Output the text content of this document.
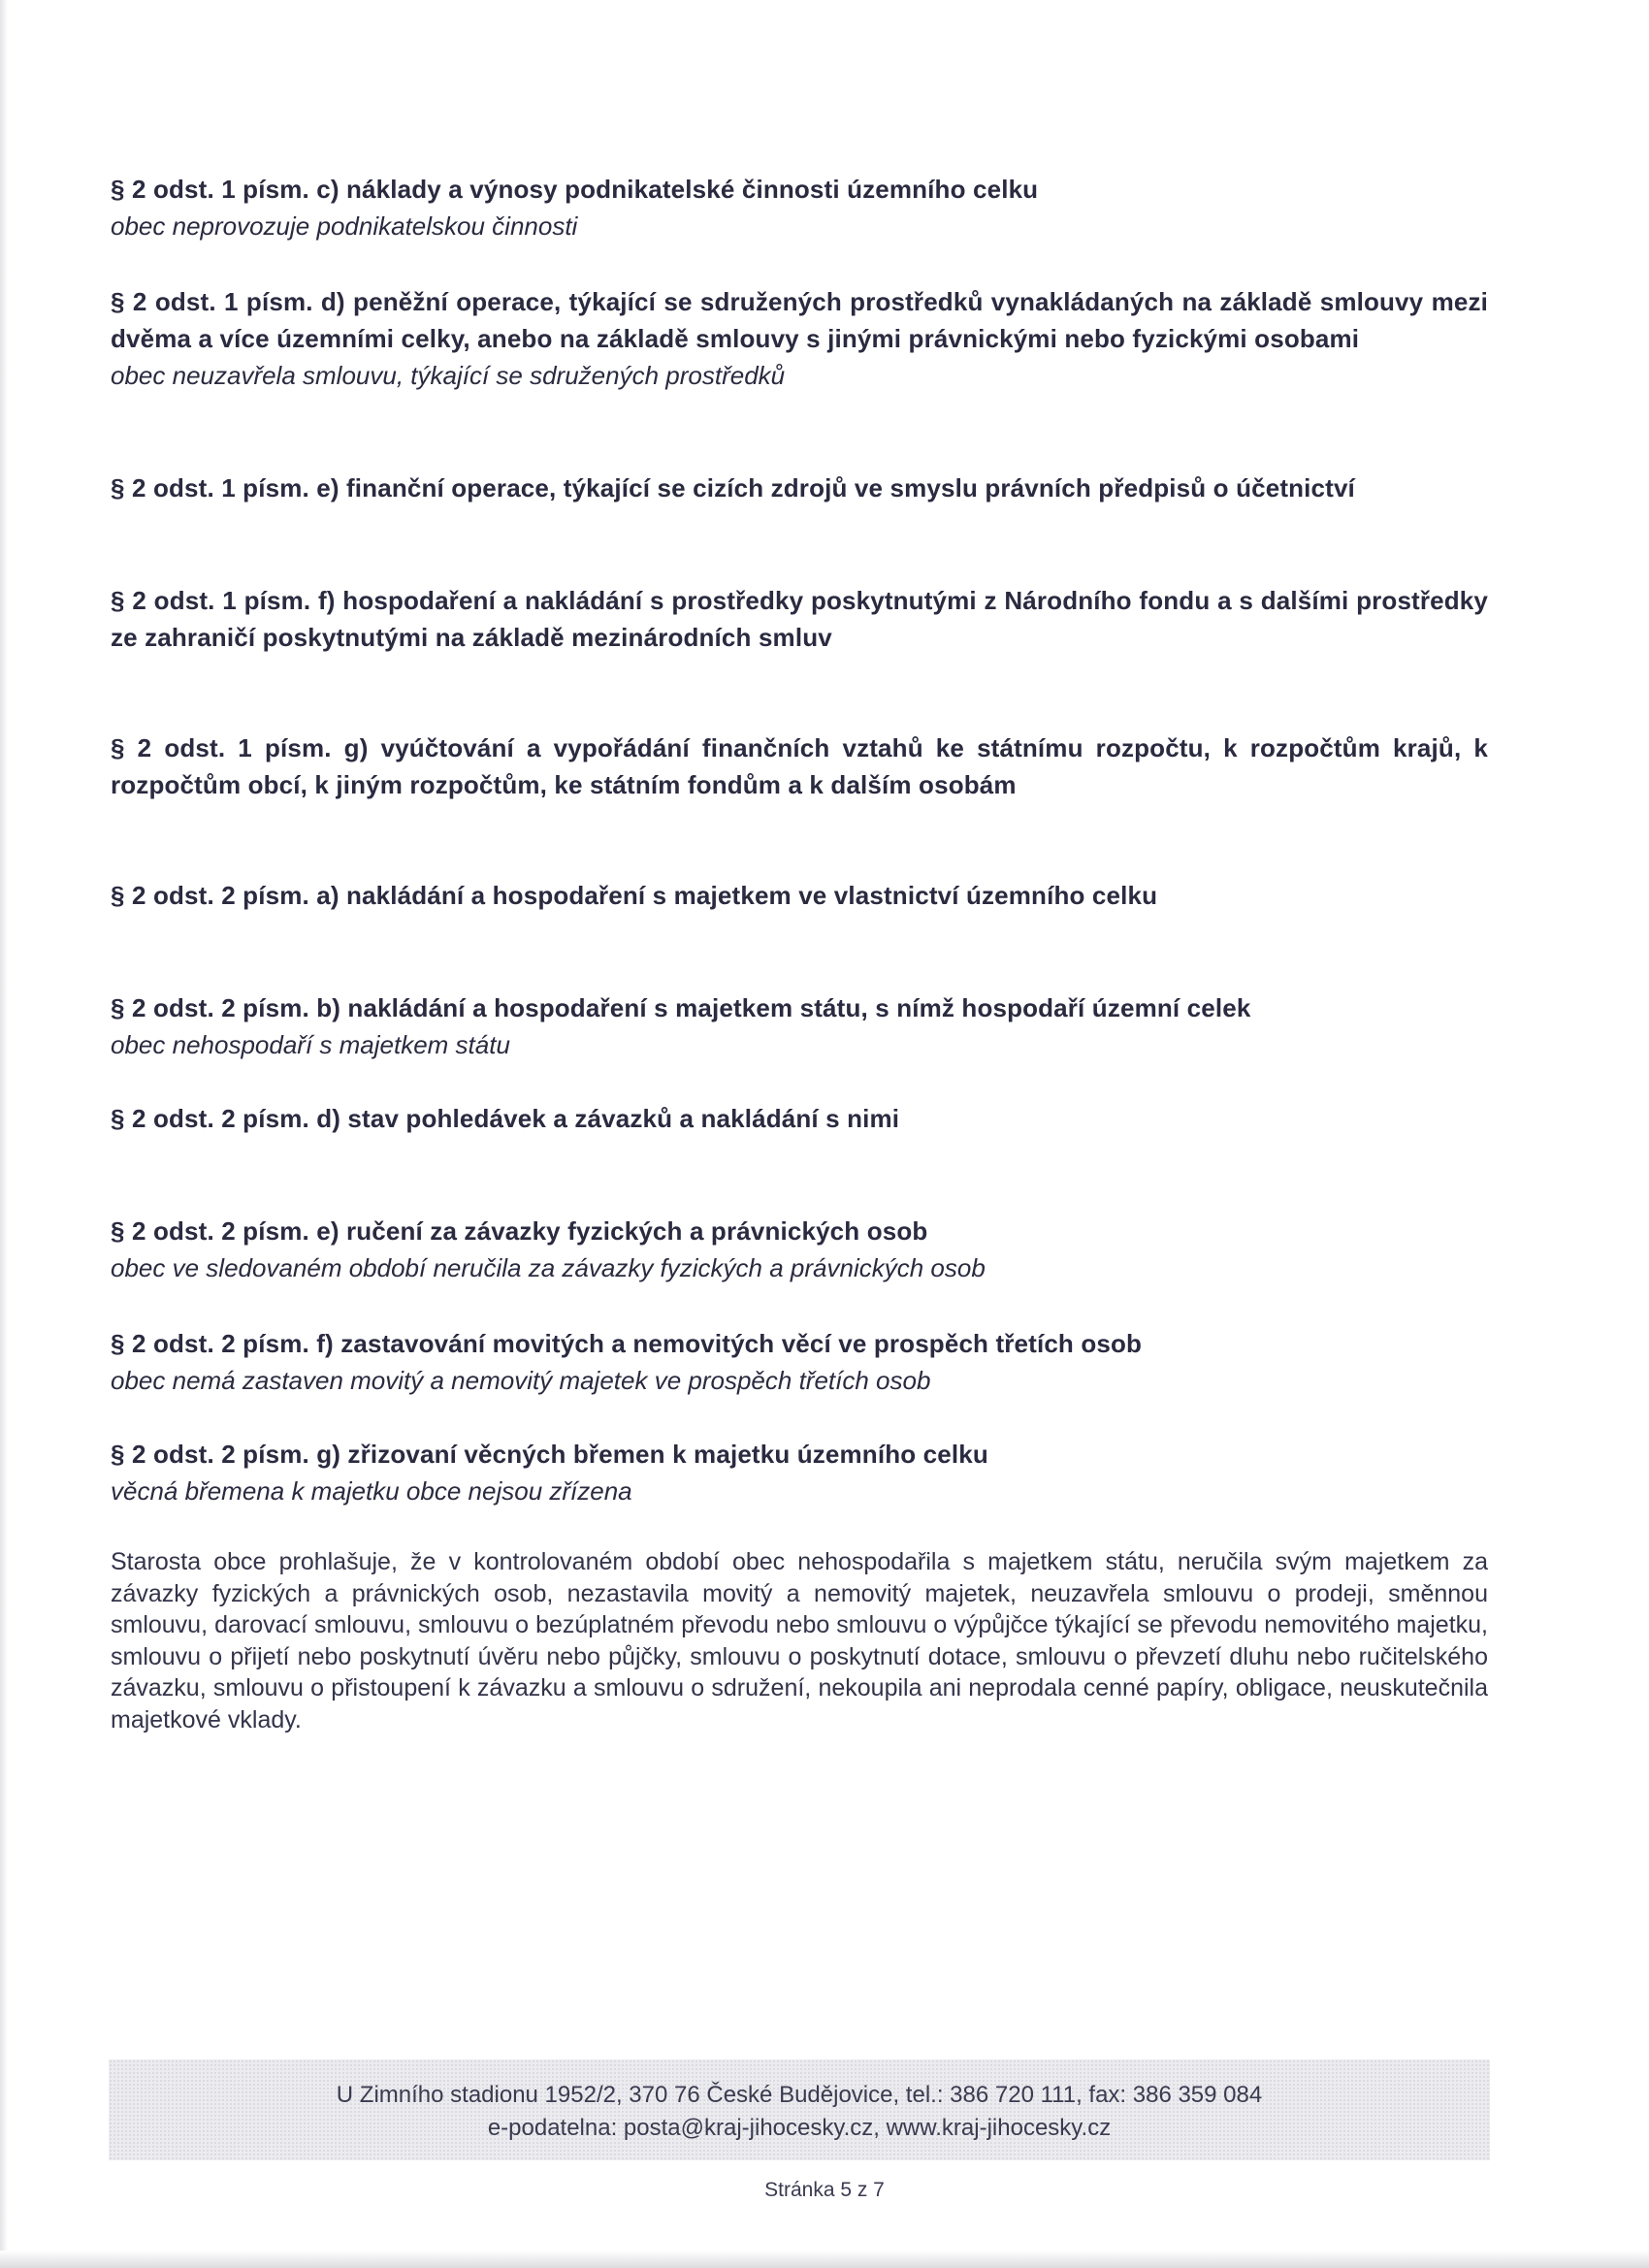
§ 2 odst. 1 písm. c) náklady a výnosy podnikatelské činnosti územního celku
obec neprovozuje podnikatelskou činnosti
§ 2 odst. 1 písm. d) peněžní operace, týkající se sdružených prostředků vynakládaných na základě smlouvy mezi dvěma a více územními celky, anebo na základě smlouvy s jinými právnickými nebo fyzickými osobami
obec neuzavřela smlouvu, týkající se sdružených prostředků
§ 2 odst. 1 písm. e) finanční operace, týkající se cizích zdrojů ve smyslu právních předpisů o účetnictví
§ 2 odst. 1 písm. f) hospodaření a nakládání s prostředky poskytnutými z Národního fondu a s dalšími prostředky ze zahraničí poskytnutými na základě mezinárodních smluv
§ 2 odst. 1 písm. g) vyúčtování a vypořádání finančních vztahů ke státnímu rozpočtu, k rozpočtům krajů, k rozpočtům obcí, k jiným rozpočtům, ke státním fondům a k dalším osobám
§ 2 odst. 2 písm. a) nakládání a hospodaření s majetkem ve vlastnictví územního celku
§ 2 odst. 2 písm. b) nakládání a hospodaření s majetkem státu, s nímž hospodaří územní celek
obec nehospodaří s majetkem státu
§ 2 odst. 2 písm. d) stav pohledávek a závazků a nakládání s nimi
§ 2 odst. 2 písm. e) ručení za závazky fyzických a právnických osob
obec ve sledovaném období neručila za závazky fyzických a právnických osob
§ 2 odst. 2 písm. f) zastavování movitých a nemovitých věcí ve prospěch třetích osob
obec nemá zastaven movitý a nemovitý majetek ve prospěch třetích osob
§ 2 odst. 2 písm. g) zřizovaní věcných břemen k majetku územního celku
věcná břemena k majetku obce nejsou zřízena
Starosta obce prohlašuje, že v kontrolovaném období obec nehospodařila s majetkem státu, neručila svým majetkem za závazky fyzických a právnických osob, nezastavila movitý a nemovitý majetek, neuzavřela smlouvu o prodeji, směnnou smlouvu, darovací smlouvu, smlouvu o bezúplatném převodu nebo smlouvu o výpůjčce týkající se převodu nemovitého majetku, smlouvu o přijetí nebo poskytnutí úvěru nebo půjčky, smlouvu o poskytnutí dotace, smlouvu o převzetí dluhu nebo ručitelského závazku, smlouvu o přistoupení k závazku a smlouvu o sdružení, nekoupila ani neprodala cenné papíry, obligace, neuskutečnila majetkové vklady.
U Zimního stadionu 1952/2, 370 76 České Budějovice, tel.: 386 720 111, fax: 386 359 084
e-podatelna: posta@kraj-jihocesky.cz, www.kraj-jihocesky.cz
Stránka 5 z 7
